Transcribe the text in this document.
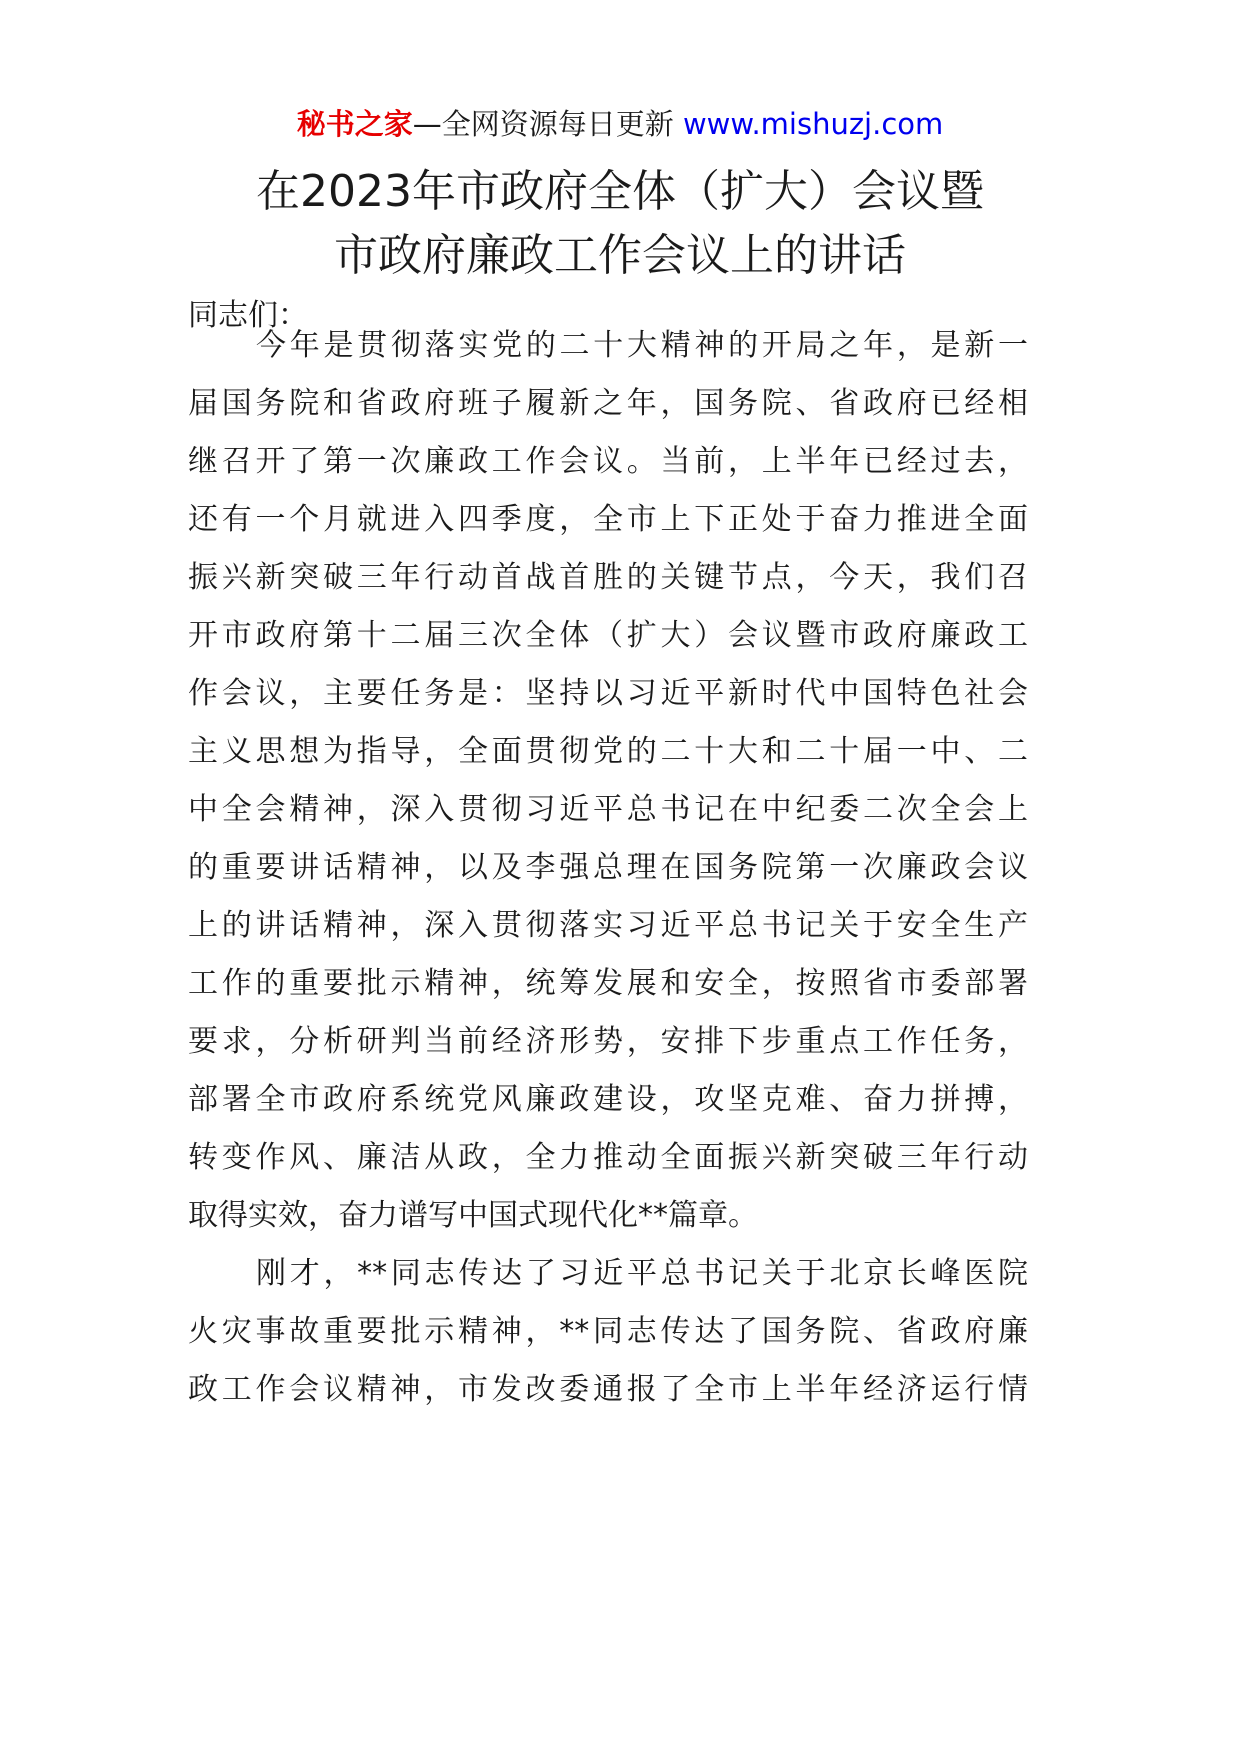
秘书之家—全网资源每日更新 www.mishuzj.com
在2023年市政府全体（扩大）会议暨
市政府廉政工作会议上的讲话
同志们：
今年是贯彻落实党的二十大精神的开局之年，是新一
届国务院和省政府班子履新之年，国务院、省政府已经相
继召开了第一次廉政工作会议。当前，上半年已经过去，
还有一个月就进入四季度，全市上下正处于奋力推进全面
振兴新突破三年行动首战首胜的关键节点，今天，我们召
开市政府第十二届三次全体（扩大）会议暨市政府廉政工
作会议，主要任务是：坚持以习近平新时代中国特色社会
主义思想为指导，全面贯彻党的二十大和二十届一中、二
中全会精神，深入贯彻习近平总书记在中纪委二次全会上
的重要讲话精神，以及李强总理在国务院第一次廉政会议
上的讲话精神，深入贯彻落实习近平总书记关于安全生产
工作的重要批示精神，统筹发展和安全，按照省市委部署
要求，分析研判当前经济形势，安排下步重点工作任务，
部署全市政府系统党风廉政建设，攻坚克难、奋力拼搏，
转变作风、廉洁从政，全力推动全面振兴新突破三年行动
取得实效，奋力谱写中国式现代化**篇章。
刚才，**同志传达了习近平总书记关于北京长峰医院
火灾事故重要批示精神，**同志传达了国务院、省政府廉
政工作会议精神，市发改委通报了全市上半年经济运行情
